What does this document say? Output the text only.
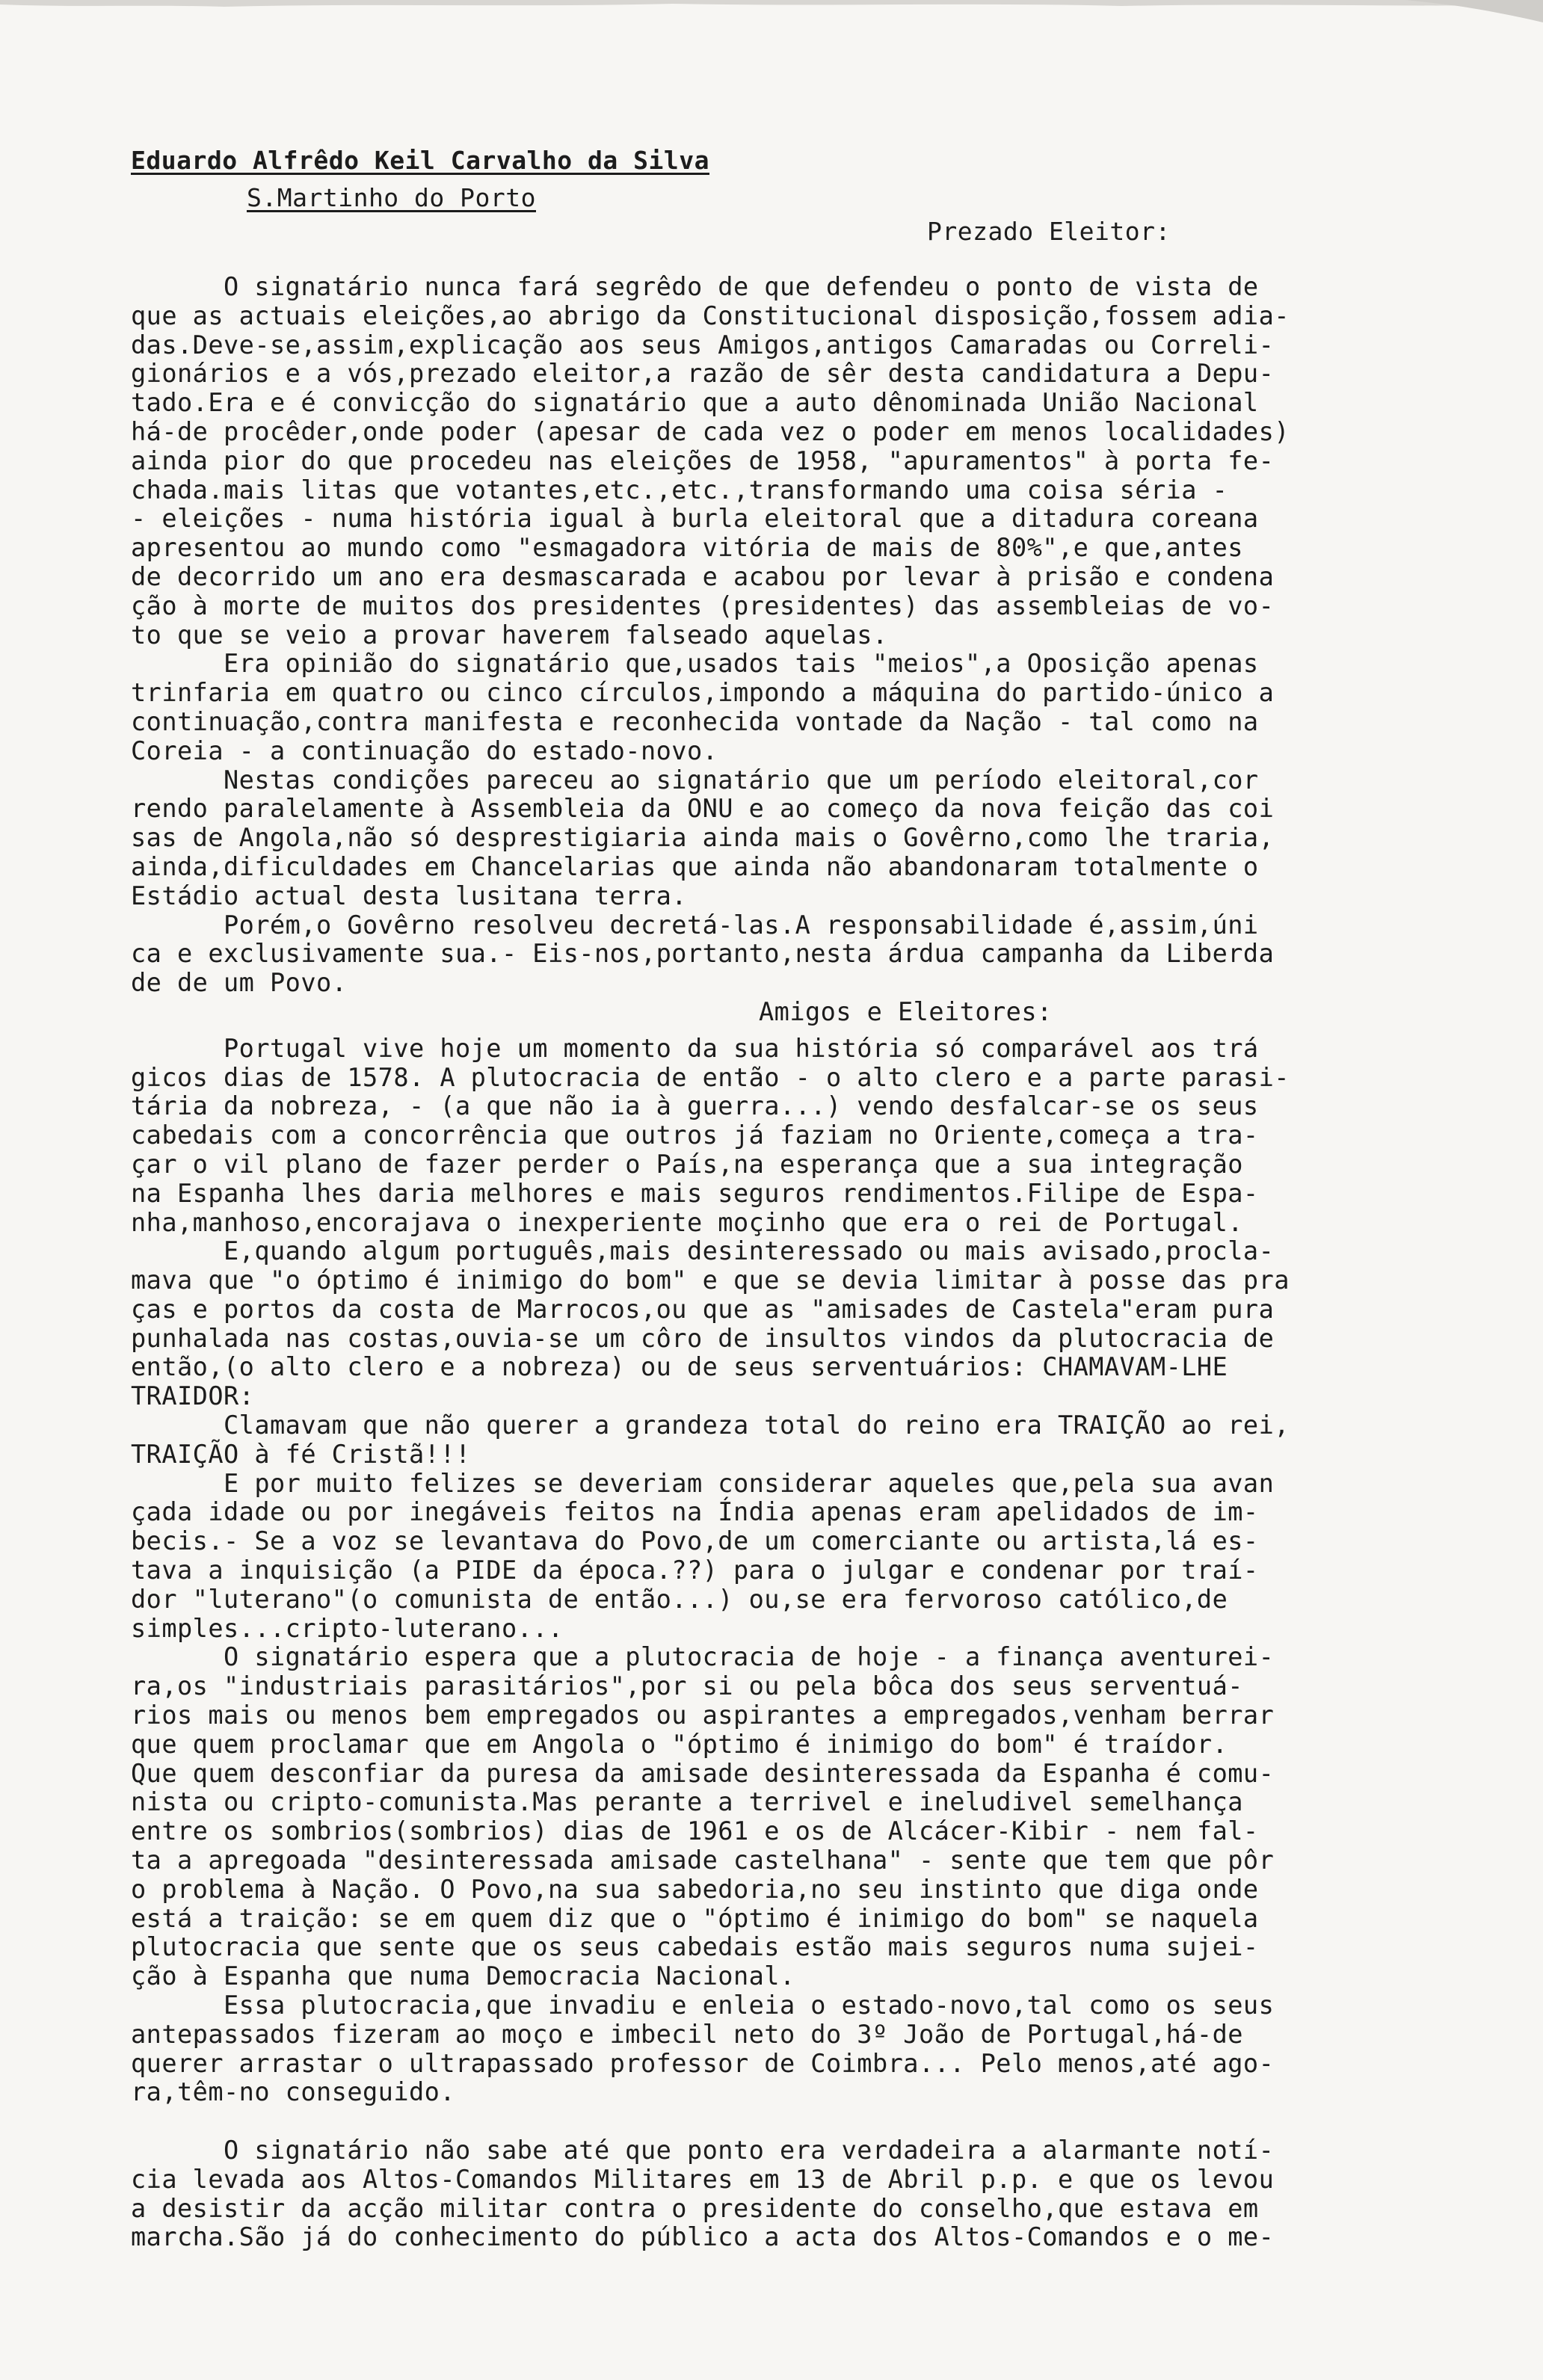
Eduardo Alfrêdo Keil Carvalho da Silva
S.Martinho do Porto
Prezado Eleitor:
O signatário nunca fará segrêdo de que defendeu o ponto de vista de
que as actuais eleições,ao abrigo da Constitucional disposição,fossem adia-
das.Deve-se,assim,explicação aos seus Amigos,antigos Camaradas ou Correli-
gionários e a vós,prezado eleitor,a razão de sêr desta candidatura a Depu-
tado.Era e é convicção do signatário que a auto dênominada União Nacional
há-de procêder,onde poder (apesar de cada vez o poder em menos localidades)
ainda pior do que procedeu nas eleições de 1958, "apuramentos" à porta fe-
chada.mais litas que votantes,etc.,etc.,transformando uma coisa séria -
- eleições - numa história igual à burla eleitoral que a ditadura coreana
apresentou ao mundo como "esmagadora vitória de mais de 80%",e que,antes
de decorrido um ano era desmascarada e acabou por levar à prisão e condena
ção à morte de muitos dos presidentes (presidentes) das assembleias de vo-
to que se veio a provar haverem falseado aquelas.
Era opinião do signatário que,usados tais "meios",a Oposição apenas
trinfaria em quatro ou cinco círculos,impondo a máquina do partido-único a
continuação,contra manifesta e reconhecida vontade da Nação - tal como na
Coreia - a continuação do estado-novo.
Nestas condições pareceu ao signatário que um período eleitoral,cor
rendo paralelamente à Assembleia da ONU e ao começo da nova feição das coi
sas de Angola,não só desprestigiaria ainda mais o Govêrno,como lhe traria,
ainda,dificuldades em Chancelarias que ainda não abandonaram totalmente o
Estádio actual desta lusitana terra.
Porém,o Govêrno resolveu decretá-las.A responsabilidade é,assim,úni
ca e exclusivamente sua.- Eis-nos,portanto,nesta árdua campanha da Liberda
de de um Povo.
Amigos e Eleitores:
Portugal vive hoje um momento da sua história só comparável aos trá
gicos dias de 1578. A plutocracia de então - o alto clero e a parte parasi-
tária da nobreza, - (a que não ia à guerra...) vendo desfalcar-se os seus
cabedais com a concorrência que outros já faziam no Oriente,começa a tra-
çar o vil plano de fazer perder o País,na esperança que a sua integração
na Espanha lhes daria melhores e mais seguros rendimentos.Filipe de Espa-
nha,manhoso,encorajava o inexperiente moçinho que era o rei de Portugal.
E,quando algum português,mais desinteressado ou mais avisado,procla-
mava que "o óptimo é inimigo do bom" e que se devia limitar à posse das pra
ças e portos da costa de Marrocos,ou que as "amisades de Castela"eram pura
punhalada nas costas,ouvia-se um côro de insultos vindos da plutocracia de
então,(o alto clero e a nobreza) ou de seus serventuários: CHAMAVAM-LHE
TRAIDOR:
Clamavam que não querer a grandeza total do reino era TRAIÇÃO ao rei,
TRAIÇÃO à fé Cristã!!!
E por muito felizes se deveriam considerar aqueles que,pela sua avan
çada idade ou por inegáveis feitos na Índia apenas eram apelidados de im-
becis.- Se a voz se levantava do Povo,de um comerciante ou artista,lá es-
tava a inquisição (a PIDE da época.??) para o julgar e condenar por traí-
dor "luterano"(o comunista de então...) ou,se era fervoroso católico,de
simples...cripto-luterano...
O signatário espera que a plutocracia de hoje - a finança aventurei-
ra,os "industriais parasitários",por si ou pela bôca dos seus serventuá-
rios mais ou menos bem empregados ou aspirantes a empregados,venham berrar
que quem proclamar que em Angola o "óptimo é inimigo do bom" é traídor.
Que quem desconfiar da puresa da amisade desinteressada da Espanha é comu-
nista ou cripto-comunista.Mas perante a terrivel e ineludivel semelhança
entre os sombrios(sombrios) dias de 1961 e os de Alcácer-Kibir - nem fal-
ta a apregoada "desinteressada amisade castelhana" - sente que tem que pôr
o problema à Nação. O Povo,na sua sabedoria,no seu instinto que diga onde
está a traição: se em quem diz que o "óptimo é inimigo do bom" se naquela
plutocracia que sente que os seus cabedais estão mais seguros numa sujei-
ção à Espanha que numa Democracia Nacional.
Essa plutocracia,que invadiu e enleia o estado-novo,tal como os seus
antepassados fizeram ao moço e imbecil neto do 3º João de Portugal,há-de
querer arrastar o ultrapassado professor de Coimbra... Pelo menos,até ago-
ra,têm-no conseguido.
O signatário não sabe até que ponto era verdadeira a alarmante notí-
cia levada aos Altos-Comandos Militares em 13 de Abril p.p. e que os levou
a desistir da acção militar contra o presidente do conselho,que estava em
marcha.São já do conhecimento do público a acta dos Altos-Comandos e o me-
